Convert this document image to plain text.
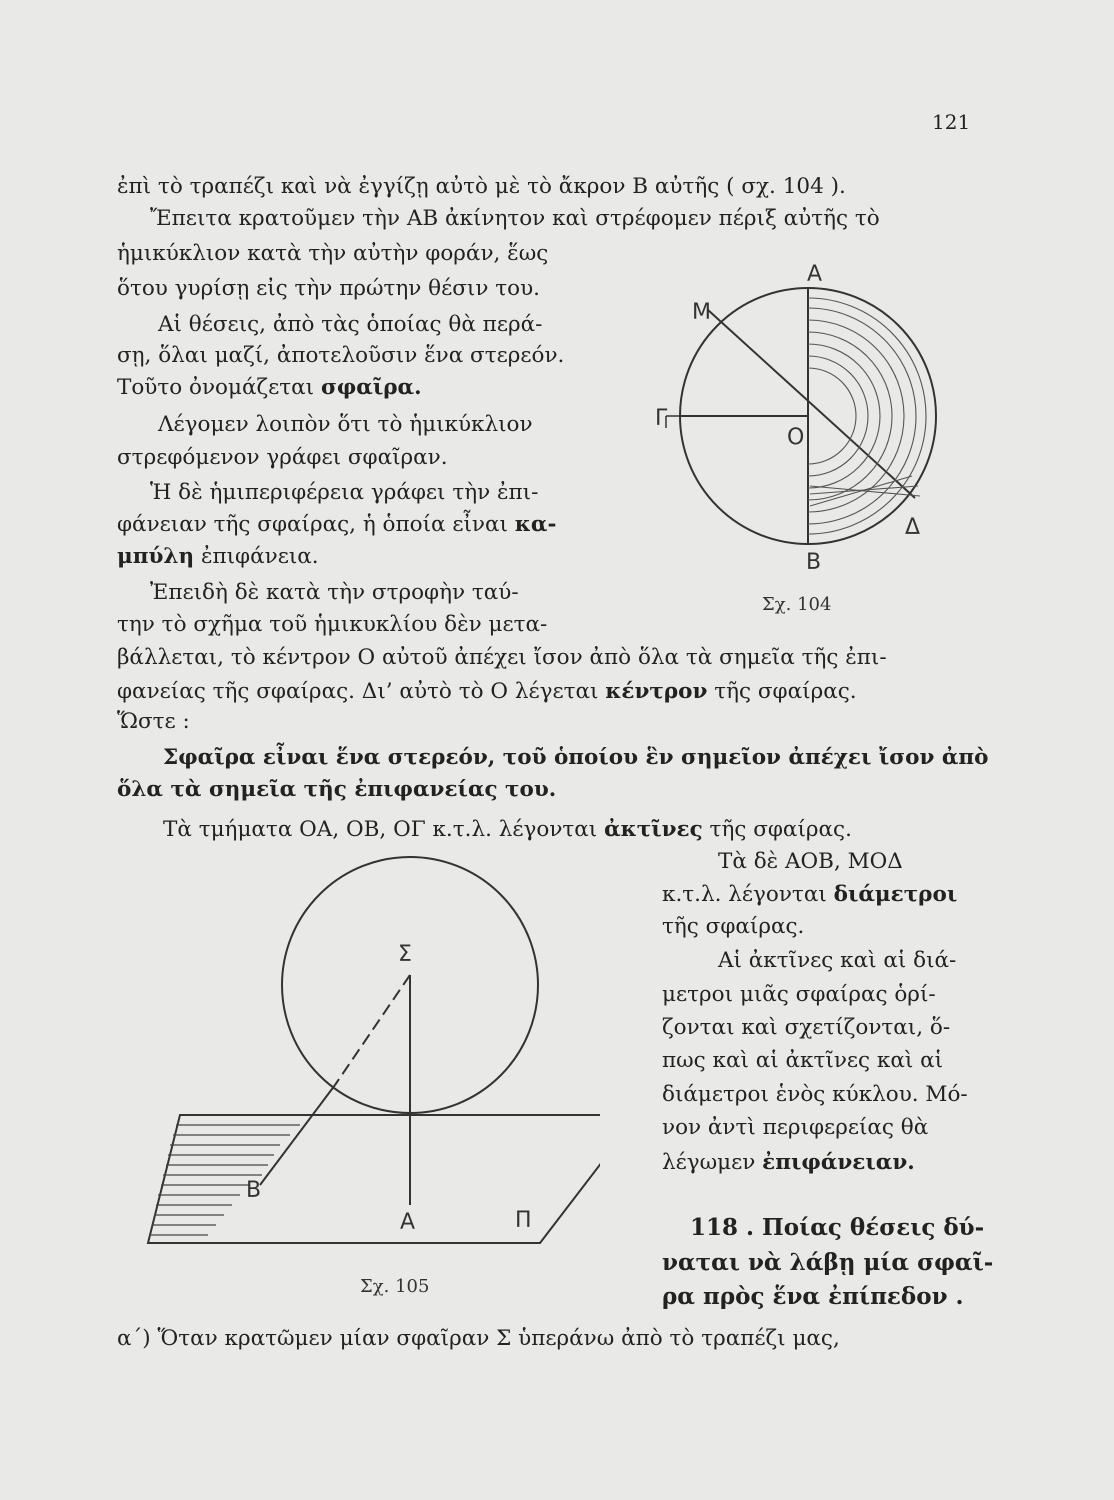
121
ἐπὶ τὸ τραπέζι καὶ νὰ ἐγγίζῃ αὐτὸ μὲ τὸ ἄκρον Β αὐτῆς ( σχ. 104 ).
Ἔπειτα κρατοῦμεν τὴν ΑΒ ἀκίνητον καὶ στρέφομεν πέριξ αὐτῆς τὸ
ἡμικύκλιον κατὰ τὴν αὐτὴν φοράν, ἕως
ὅτου γυρίσῃ εἰς τὴν πρώτην θέσιν του.
Αἱ θέσεις, ἀπὸ τὰς ὁποίας θὰ περά-
σῃ, ὅλαι μαζί, ἀποτελοῦσιν ἕνα στερεόν.
Τοῦτο ὀνομάζεται σφαῖρα.
Λέγομεν λοιπὸν ὅτι τὸ ἡμικύκλιον
στρεφόμενον γράφει σφαῖραν.
Ἡ δὲ ἡμιπεριφέρεια γράφει τὴν ἐπι-
φάνειαν τῆς σφαίρας, ἡ ὁποία εἶναι κα-
μπύλη ἐπιφάνεια.
Ἐπειδὴ δὲ κατὰ τὴν στροφὴν ταύ-
την τὸ σχῆμα τοῦ ἡμικυκλίου δὲν μετα-
βάλλεται, τὸ κέντρον Ο αὐτοῦ ἀπέχει ἴσον ἀπὸ ὅλα τὰ σημεῖα τῆς ἐπι-
φανείας τῆς σφαίρας. Δι’ αὐτὸ τὸ Ο λέγεται κέντρον τῆς σφαίρας.
Ὥστε :
Σφαῖρα εἶναι ἕνα στερεόν, τοῦ ὁποίου ἓν σημεῖον ἀπέχει ἴσον ἀπὸ
ὅλα τὰ σημεῖα τῆς ἐπιφανείας του.
Τὰ τμήματα ΟΑ, ΟΒ, ΟΓ κ.τ.λ. λέγονται ἀκτῖνες τῆς σφαίρας.
Τὰ δὲ ΑΟΒ, ΜΟΔ
κ.τ.λ. λέγονται διάμετροι
τῆς σφαίρας.
Αἱ ἀκτῖνες καὶ αἱ διά-
μετροι μιᾶς σφαίρας ὁρί-
ζονται καὶ σχετίζονται, ὅ-
πως καὶ αἱ ἀκτῖνες καὶ αἱ
διάμετροι ἑνὸς κύκλου. Μό-
νον ἀντὶ περιφερείας θὰ
λέγωμεν ἐπιφάνειαν.
118 . Ποίας θέσεις δύ-
ναται νὰ λάβῃ μία σφαῖ-
ρα πρὸς ἕνα ἐπίπεδον .
α΄) Ὅταν κρατῶμεν μίαν σφαῖραν Σ ὑπεράνω ἀπὸ τὸ τραπέζι μας,
Α
Μ
Γ
Ο
Δ
Β
Σχ. 104
Σ
Β
Α	Π
Σχ. 105
